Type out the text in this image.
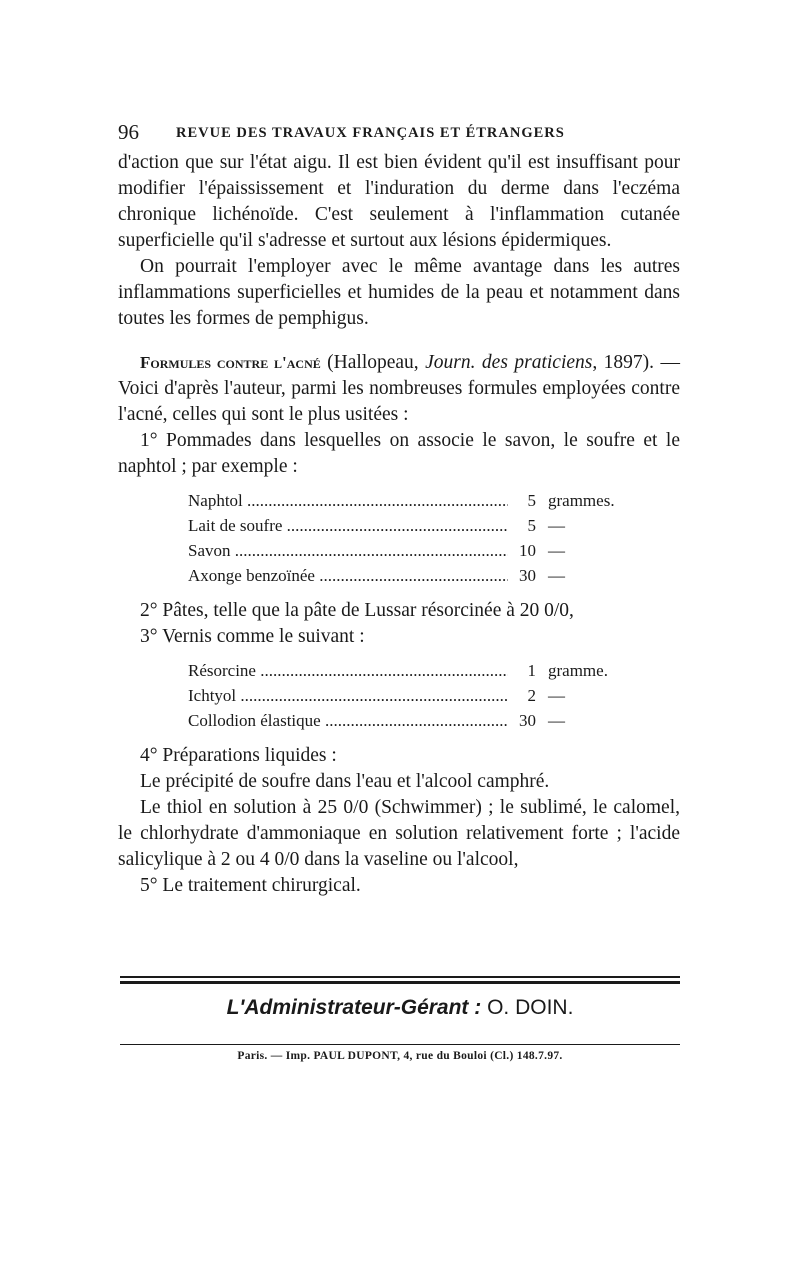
96	REVUE DES TRAVAUX FRANÇAIS ET ÉTRANGERS

d'action que sur l'état aigu. Il est bien évident qu'il est insuffisant pour modifier l'épaississement et l'induration du derme dans l'eczéma chronique lichénoïde. C'est seulement à l'inflammation cutanée superficielle qu'il s'adresse et surtout aux lésions épidermiques.

On pourrait l'employer avec le même avantage dans les autres inflammations superficielles et humides de la peau et notamment dans toutes les formes de pemphigus.

Formules contre l'acné (Hallopeau, Journ. des praticiens, 1897). — Voici d'après l'auteur, parmi les nombreuses formules employées contre l'acné, celles qui sont le plus usitées :

1° Pommades dans lesquelles on associe le savon, le soufre et le naphtol ; par exemple :

Naphtol .....	5 grammes.
Lait de soufre .....	5 —
Savon .....	10 —
Axonge benzoïnée .....	30 —

2° Pâtes, telle que la pâte de Lussar résorcinée à 20 0/0,

3° Vernis comme le suivant :

Résorcine .....	1 gramme.
Ichtyol .....	2 —
Collodion élastique .....	30 —

4° Préparations liquides :

Le précipité de soufre dans l'eau et l'alcool camphré.

Le thiol en solution à 25 0/0 (Schwimmer) ; le sublimé, le calomel, le chlorhydrate d'ammoniaque en solution relativement forte ; l'acide salicylique à 2 ou 4 0/0 dans la vaseline ou l'alcool,

5° Le traitement chirurgical.

L'Administrateur-Gérant : O. DOIN.
Paris. — Imp. PAUL DUPONT, 4, rue du Bouloi (Cl.) 148.7.97.
